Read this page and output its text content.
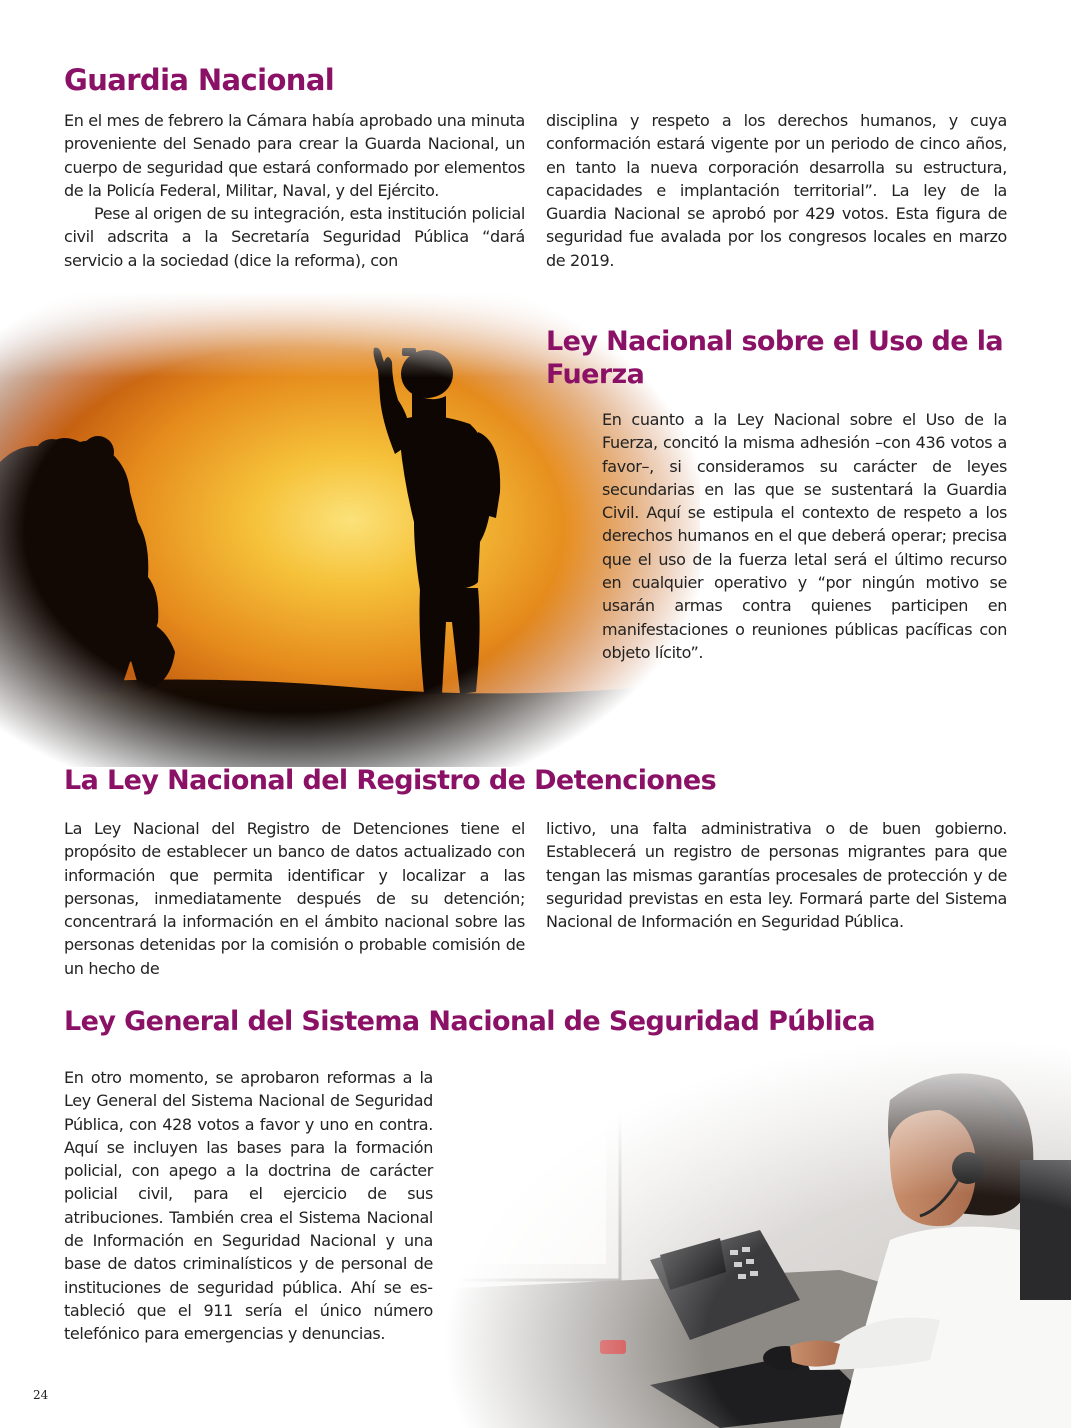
Guardia Nacional

En el mes de febrero la Cámara había aprobado una minuta proveniente del Senado para crear la Guarda Nacional, un cuerpo de seguridad que estará conformado por elementos de la Policía Federal, Militar, Naval, y del Ejército.

Pese al origen de su integración, esta institución policial civil adscrita a la Secretaría Seguridad Pública “dará servicio a la sociedad (dice la reforma), con

disciplina y respeto a los derechos humanos, y cuya conformación estará vigente por un periodo de cinco años, en tanto la nueva corporación desarrolla su estructura, capacidades e implantación territorial”. La ley de la Guardia Nacional se aprobó por 429 votos. Esta figura de seguridad fue avalada por los congresos locales en marzo de 2019.

Ley Nacional sobre el Uso de la Fuerza

En cuanto a la Ley Nacional sobre el Uso de la Fuerza, concitó la misma adhesión –con 436 votos a favor–, si consideramos su carácter de leyes secundarias en las que se sustentará la Guardia Civil. Aquí se estipula el contexto de respeto a los derechos humanos en el que deberá operar; precisa que el uso de la fuerza letal será el último recurso en cualquier operativo y “por ningún motivo se usarán armas contra quienes participen en manifestaciones o reuniones públicas pacíficas con objeto lícito”.

La Ley Nacional del Registro de Detenciones

La Ley Nacional del Registro de Detenciones tiene el propósito de establecer un banco de datos actualizado con información que permita identificar y localizar a las personas, inmediatamente después de su detención; concentrará la información en el ámbito nacional sobre las personas detenidas por la comisión o probable comisión de un hecho de

lictivo, una falta administrativa o de buen gobierno. Establecerá un registro de personas migrantes para que tengan las mismas garantías procesales de protección y de seguridad previstas en esta ley. Formará parte del Sistema Nacional de Información en Seguridad Pública.

Ley General del Sistema Nacional de Seguridad Pública

En otro momento, se aprobaron reformas a la Ley General del Sistema Nacional de Seguridad Pública, con 428 votos a favor y uno en contra. Aquí se incluyen las bases para la formación policial, con apego a la doctrina de carácter policial civil, para el ejercicio de sus atribuciones. También crea el Sistema Nacional de Información en Seguridad Nacional y una base de datos criminalísticos y de personal de instituciones de seguridad pública. Ahí se estableció que el 911 sería el único número telefónico para emergencias y denuncias.

24
